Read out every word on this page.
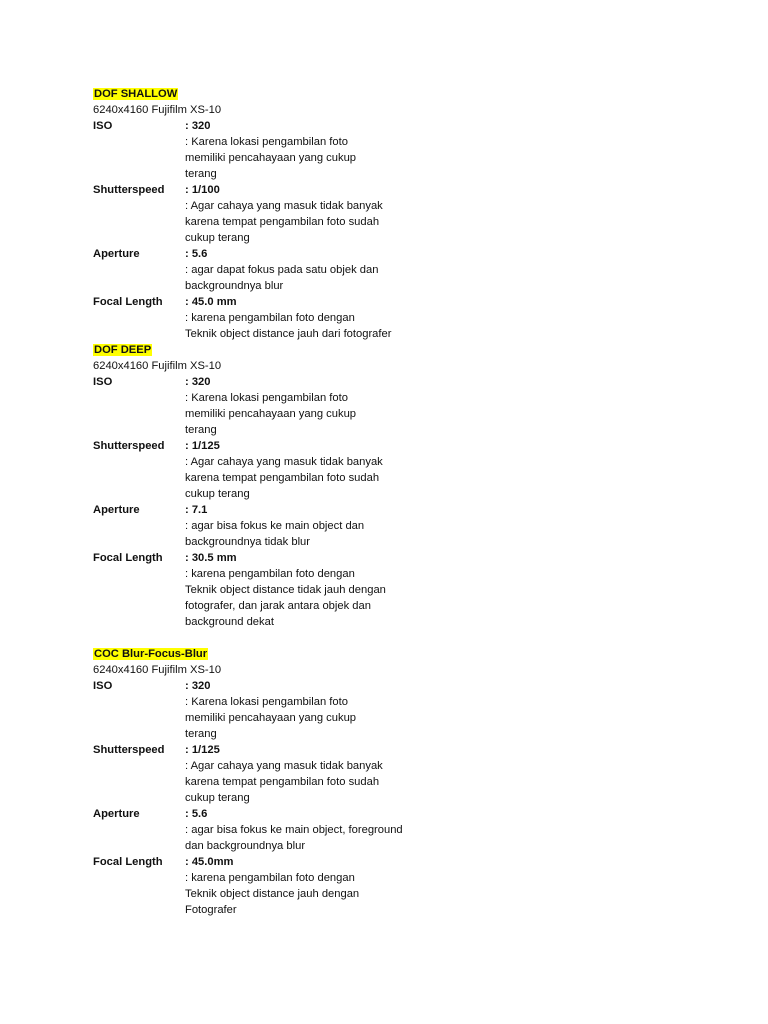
DOF SHALLOW
6240x4160 Fujifilm XS-10
ISO	: 320
: Karena lokasi pengambilan foto
memiliki pencahayaan yang cukup
terang
Shutterspeed	: 1/100
: Agar cahaya yang masuk tidak banyak
karena tempat pengambilan foto sudah
cukup terang
Aperture	: 5.6
: agar dapat fokus pada satu objek dan
backgroundnya blur
Focal Length	: 45.0 mm
: karena pengambilan foto dengan
Teknik object distance jauh dari fotografer
DOF DEEP
6240x4160 Fujifilm XS-10
ISO	: 320
: Karena lokasi pengambilan foto
memiliki pencahayaan yang cukup
terang
Shutterspeed	: 1/125
: Agar cahaya yang masuk tidak banyak
karena tempat pengambilan foto sudah
cukup terang
Aperture	: 7.1
: agar bisa fokus ke main object dan
backgroundnya tidak blur
Focal Length	: 30.5 mm
: karena pengambilan foto dengan
Teknik object distance tidak jauh dengan
fotografer, dan jarak antara objek dan
background dekat
COC Blur-Focus-Blur
6240x4160 Fujifilm XS-10
ISO	: 320
: Karena lokasi pengambilan foto
memiliki pencahayaan yang cukup
terang
Shutterspeed	: 1/125
: Agar cahaya yang masuk tidak banyak
karena tempat pengambilan foto sudah
cukup terang
Aperture	: 5.6
: agar bisa fokus ke main object, foreground
dan backgroundnya blur
Focal Length	: 45.0mm
: karena pengambilan foto dengan
Teknik object distance jauh dengan
Fotografer
